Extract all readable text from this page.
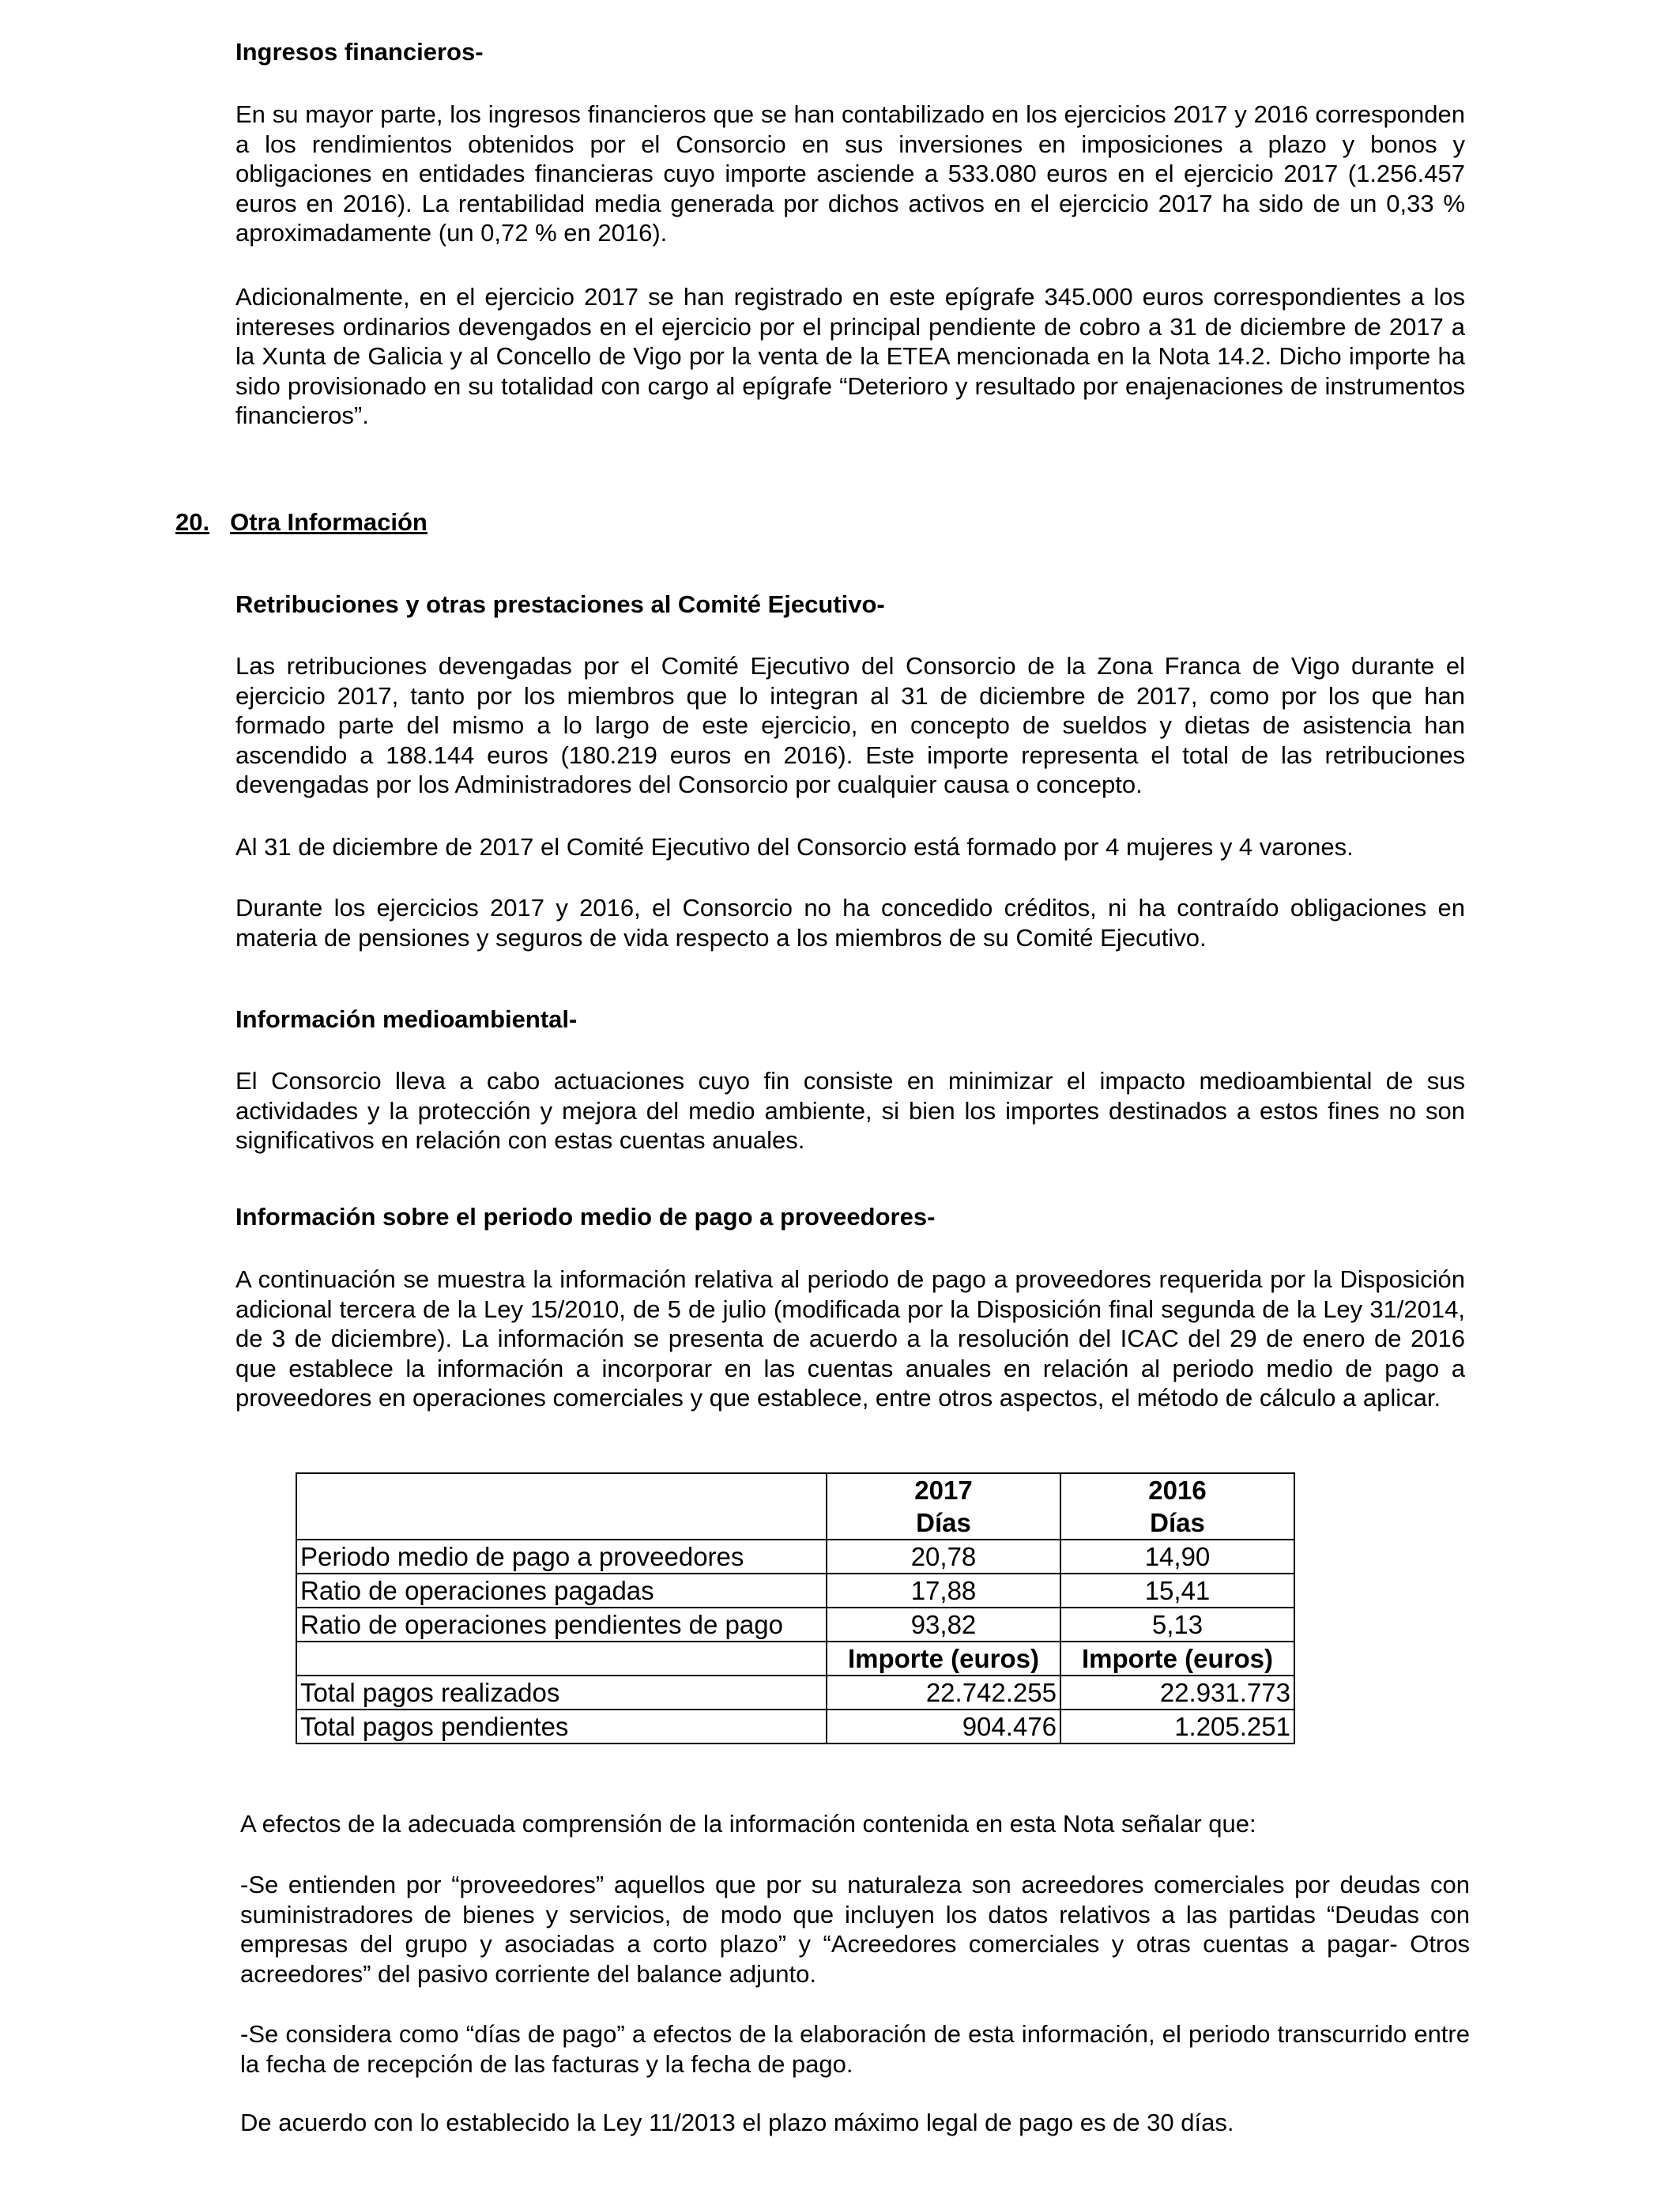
Ingresos financieros-

En su mayor parte, los ingresos financieros que se han contabilizado en los ejercicios 2017 y 2016 corresponden a los rendimientos obtenidos por el Consorcio en sus inversiones en imposiciones a plazo y bonos y obligaciones en entidades financieras cuyo importe asciende a 533.080 euros en el ejercicio 2017 (1.256.457 euros en 2016). La rentabilidad media generada por dichos activos en el ejercicio 2017 ha sido de un 0,33 % aproximadamente (un 0,72 % en 2016).

Adicionalmente, en el ejercicio 2017 se han registrado en este epígrafe 345.000 euros correspondientes a los intereses ordinarios devengados en el ejercicio por el principal pendiente de cobro a 31 de diciembre de 2017 a la Xunta de Galicia y al Concello de Vigo por la venta de la ETEA mencionada en la Nota 14.2. Dicho importe ha sido provisionado en su totalidad con cargo al epígrafe “Deterioro y resultado por enajenaciones de instrumentos financieros”.

20. Otra Información

Retribuciones y otras prestaciones al Comité Ejecutivo-

Las retribuciones devengadas por el Comité Ejecutivo del Consorcio de la Zona Franca de Vigo durante el ejercicio 2017, tanto por los miembros que lo integran al 31 de diciembre de 2017, como por los que han formado parte del mismo a lo largo de este ejercicio, en concepto de sueldos y dietas de asistencia han ascendido a 188.144 euros (180.219 euros en 2016). Este importe representa el total de las retribuciones devengadas por los Administradores del Consorcio por cualquier causa o concepto.

Al 31 de diciembre de 2017 el Comité Ejecutivo del Consorcio está formado por 4 mujeres y 4 varones.

Durante los ejercicios 2017 y 2016, el Consorcio no ha concedido créditos, ni ha contraído obligaciones en materia de pensiones y seguros de vida respecto a los miembros de su Comité Ejecutivo.

Información medioambiental-

El Consorcio lleva a cabo actuaciones cuyo fin consiste en minimizar el impacto medioambiental de sus actividades y la protección y mejora del medio ambiente, si bien los importes destinados a estos fines no son significativos en relación con estas cuentas anuales.

Información sobre el periodo medio de pago a proveedores-

A continuación se muestra la información relativa al periodo de pago a proveedores requerida por la Disposición adicional tercera de la Ley 15/2010, de 5 de julio (modificada por la Disposición final segunda de la Ley 31/2014, de 3 de diciembre). La información se presenta de acuerdo a la resolución del ICAC del 29 de enero de 2016 que establece la información a incorporar en las cuentas anuales en relación al periodo medio de pago a proveedores en operaciones comerciales y que establece, entre otros aspectos, el método de cálculo a aplicar.

	2017	2016
	Días	Días
Periodo medio de pago a proveedores	20,78	14,90
Ratio de operaciones pagadas	17,88	15,41
Ratio de operaciones pendientes de pago	93,82	5,13
	Importe (euros)	Importe (euros)
Total pagos realizados	22.742.255	22.931.773
Total pagos pendientes	904.476	1.205.251

A efectos de la adecuada comprensión de la información contenida en esta Nota señalar que:

-Se entienden por “proveedores” aquellos que por su naturaleza son acreedores comerciales por deudas con suministradores de bienes y servicios, de modo que incluyen los datos relativos a las partidas “Deudas con empresas del grupo y asociadas a corto plazo” y “Acreedores comerciales y otras cuentas a pagar- Otros acreedores” del pasivo corriente del balance adjunto.

-Se considera como “días de pago” a efectos de la elaboración de esta información, el periodo transcurrido entre la fecha de recepción de las facturas y la fecha de pago.

De acuerdo con lo establecido la Ley 11/2013 el plazo máximo legal de pago es de 30 días.
